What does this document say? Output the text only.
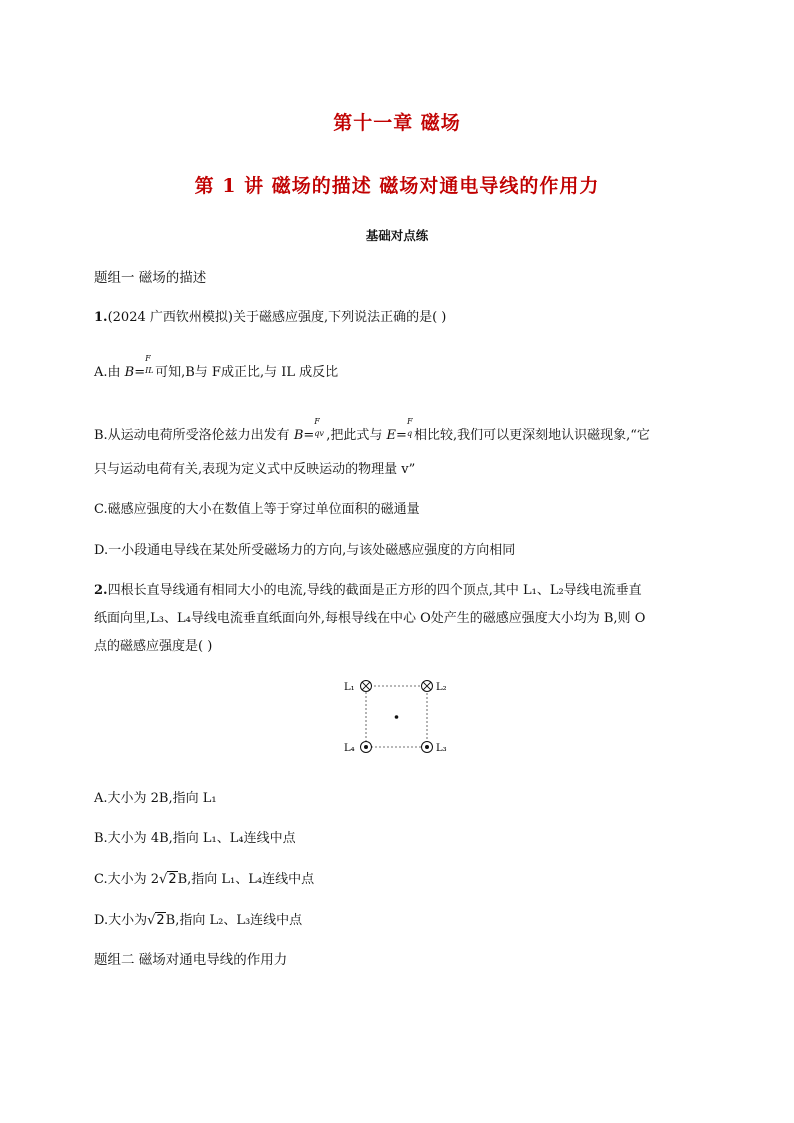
第十一章 磁场
第 1 讲 磁场的描述 磁场对通电导线的作用力
基础对点练
题组一 磁场的描述
1.(2024 广西钦州模拟)关于磁感应强度,下列说法正确的是( )
A.由 B=
F
IL 可知,B与 F成正比,与 IL 成反比
B.从运动电荷所受洛伦兹力出发有 B=
F
qv ,把此式与 E=
F
q 相比较,我们可以更深刻地认识磁现象,“它
只与运动电荷有关,表现为定义式中反映运动的物理量 v”
C.磁感应强度的大小在数值上等于穿过单位面积的磁通量
D.一小段通电导线在某处所受磁场力的方向,与该处磁感应强度的方向相同
2.四根长直导线通有相同大小的电流,导线的截面是正方形的四个顶点,其中 L₁、L₂导线电流垂直
纸面向里,L₃、L₄导线电流垂直纸面向外,每根导线在中心 O处产生的磁感应强度大小均为 B,则 O
点的磁感应强度是( )
L₁	L₂
L₃
L₄
A.大小为 2B,指向 L₁
B.大小为 4B,指向 L₁、L₄连线中点
C.大小为 2√2B,指向 L₁、L₄连线中点
D.大小为√2B,指向 L₂、L₃连线中点
题组二 磁场对通电导线的作用力
